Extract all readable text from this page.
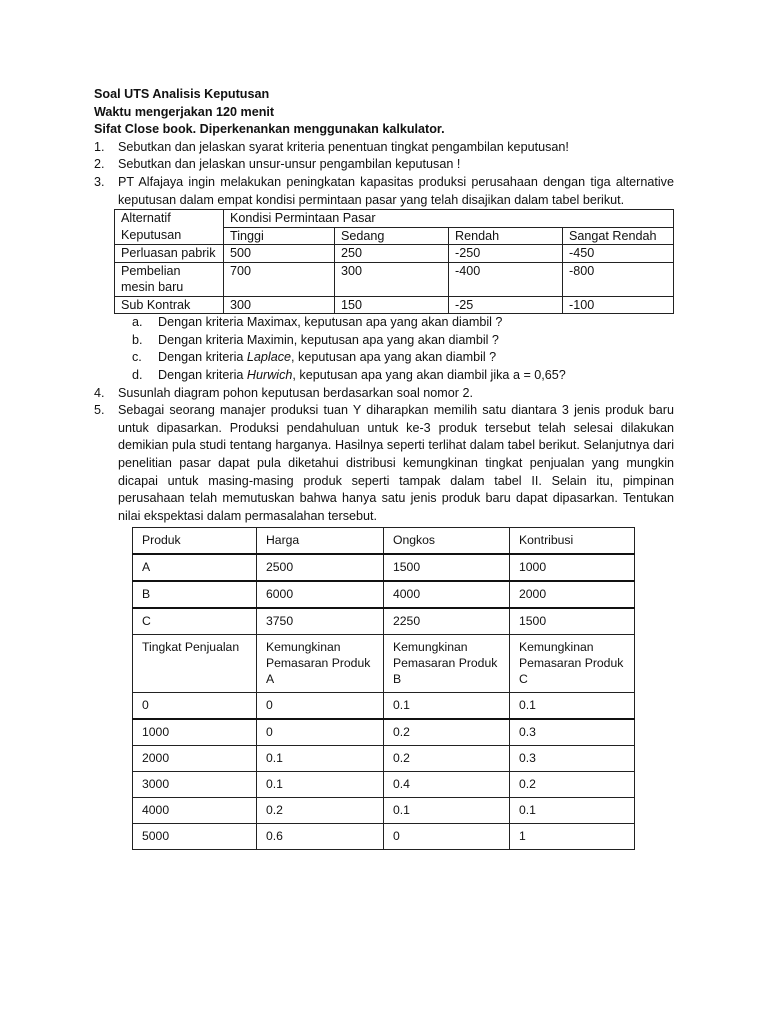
Soal UTS Analisis Keputusan
Waktu mengerjakan 120 menit
Sifat Close book. Diperkenankan menggunakan kalkulator.
1. Sebutkan dan jelaskan syarat kriteria penentuan tingkat pengambilan keputusan!
2. Sebutkan dan jelaskan unsur-unsur pengambilan keputusan !
3. PT Alfajaya ingin melakukan peningkatan kapasitas produksi perusahaan dengan tiga alternative keputusan dalam empat kondisi permintaan pasar yang telah disajikan dalam tabel berikut.
Alternatif Keputusan	Kondisi Permintaan Pasar			
	Tinggi	Sedang	Rendah	Sangat Rendah
Perluasan pabrik	500	250	-250	-450
Pembelian mesin baru	700	300	-400	-800
Sub Kontrak	300	150	-25	-100
a. Dengan kriteria Maximax, keputusan apa yang akan diambil ?
b. Dengan kriteria Maximin, keputusan apa yang akan diambil ?
c. Dengan kriteria Laplace, keputusan apa yang akan diambil ?
d. Dengan kriteria Hurwich, keputusan apa yang akan diambil jika a = 0,65?
4. Susunlah diagram pohon keputusan berdasarkan soal nomor 2.
5. Sebagai seorang manajer produksi tuan Y diharapkan memilih satu diantara 3 jenis produk baru untuk dipasarkan. Produksi pendahuluan untuk ke-3 produk tersebut telah selesai dilakukan demikian pula studi tentang harganya. Hasilnya seperti terlihat dalam tabel berikut. Selanjutnya dari penelitian pasar dapat pula diketahui distribusi kemungkinan tingkat penjualan yang mungkin dicapai untuk masing-masing produk seperti tampak dalam tabel II. Selain itu, pimpinan perusahaan telah memutuskan bahwa hanya satu jenis produk baru dapat dipasarkan. Tentukan nilai ekspektasi dalam permasalahan tersebut.
Produk	Harga	Ongkos	Kontribusi
A	2500	1500	1000
B	6000	4000	2000
C	3750	2250	1500
Tingkat Penjualan	Kemungkinan Pemasaran Produk A	Kemungkinan Pemasaran Produk B	Kemungkinan Pemasaran Produk C
0	0	0.1	0.1
1000	0	0.2	0.3
2000	0.1	0.2	0.3
3000	0.1	0.4	0.2
4000	0.2	0.1	0.1
5000	0.6	0	1
